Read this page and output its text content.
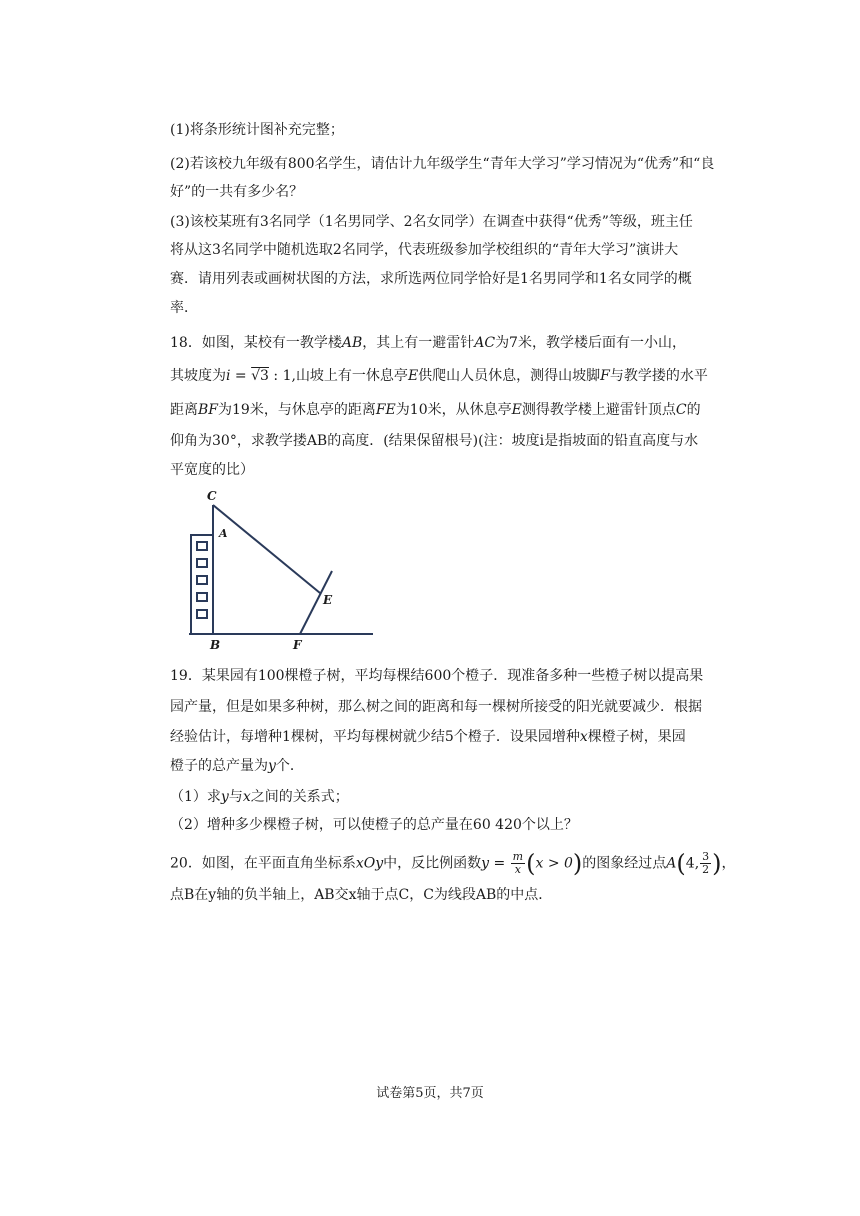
(1)将条形统计图补充完整；
(2)若该校九年级有800名学生，请估计九年级学生“青年大学习”学习情况为“优秀”和“良
好”的一共有多少名？
(3)该校某班有3名同学（1名男同学、2名女同学）在调查中获得“优秀”等级，班主任
将从这3名同学中随机选取2名同学，代表班级参加学校组织的“青年大学习”演讲大
赛．请用列表或画树状图的方法，求所选两位同学恰好是1名男同学和1名女同学的概
率．
18．如图，某校有一教学楼AB，其上有一避雷针AC为7米，教学楼后面有一小山，
其坡度为i = √3 : 1,山坡上有一休息亭E供爬山人员休息，测得山坡脚F与教学搂的水平
距离BF为19米，与休息亭的距离FE为10米，从休息亭E测得教学楼上避雷针顶点C的
仰角为30°，求教学搂AB的高度．(结果保留根号)(注：坡度i是指坡面的铅直高度与水
平宽度的比）
C
A
E
B	F
19．某果园有100棵橙子树，平均每棵结600个橙子．现准备多种一些橙子树以提高果
园产量，但是如果多种树，那么树之间的距离和每一棵树所接受的阳光就要减少．根据
经验估计，每增种1棵树，平均每棵树就少结5个橙子．设果园增种x棵橙子树，果园
橙子的总产量为y个．
（1）求y与x之间的关系式；
（2）增种多少棵橙子树，可以使橙子的总产量在60 420个以上？
20．如图，在平面直角坐标系xOy中，反比例函数$y = \frac{m}{x} (x > 0)$的图象经过点A(4, $\frac{3}{2}$ )，
点B在y轴的负半轴上，AB交x轴于点C，C为线段AB的中点．
试卷第5页，共7页
